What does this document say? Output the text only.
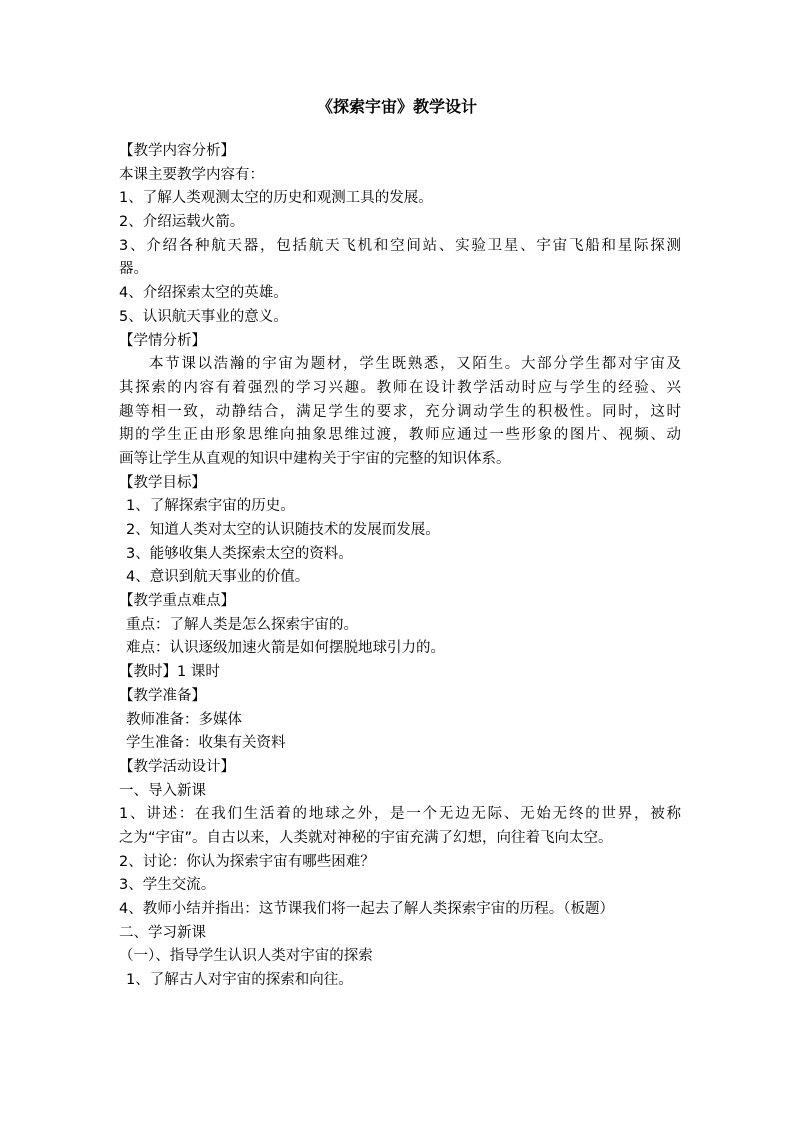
《探索宇宙》教学设计
【教学内容分析】
本课主要教学内容有：
1、了解人类观测太空的历史和观测工具的发展。
2、介绍运载火箭。
3、介绍各种航天器，包括航天飞机和空间站、实验卫星、宇宙飞船和星际探测
器。
4、介绍探索太空的英雄。
5、认识航天事业的意义。
【学情分析】
本节课以浩瀚的宇宙为题材，学生既熟悉，又陌生。大部分学生都对宇宙及
其探索的内容有着强烈的学习兴趣。教师在设计教学活动时应与学生的经验、兴
趣等相一致，动静结合，满足学生的要求，充分调动学生的积极性。同时，这时
期的学生正由形象思维向抽象思维过渡，教师应通过一些形象的图片、视频、动
画等让学生从直观的知识中建构关于宇宙的完整的知识体系。
【教学目标】
1、了解探索宇宙的历史。
2、知道人类对太空的认识随技术的发展而发展。
3、能够收集人类探索太空的资料。
4、意识到航天事业的价值。
【教学重点难点】
重点：了解人类是怎么探索宇宙的。
难点：认识逐级加速火箭是如何摆脱地球引力的。
【教时】1 课时
【教学准备】
教师准备：多媒体
学生准备：收集有关资料
【教学活动设计】
一、导入新课
1、讲述：在我们生活着的地球之外，是一个无边无际、无始无终的世界，被称
之为“宇宙”。自古以来，人类就对神秘的宇宙充满了幻想，向往着飞向太空。
2、讨论：你认为探索宇宙有哪些困难？
3、学生交流。
4、教师小结并指出：这节课我们将一起去了解人类探索宇宙的历程。（板题）
二、学习新课
（一）、指导学生认识人类对宇宙的探索
1、了解古人对宇宙的探索和向往。
